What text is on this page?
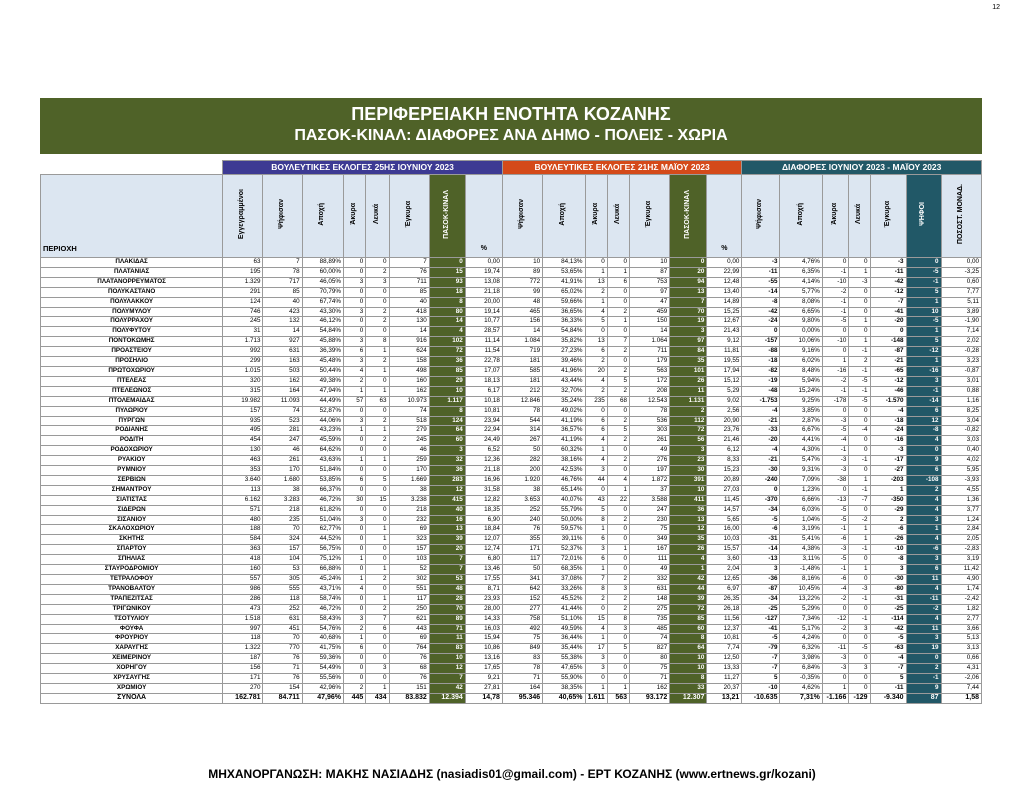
12
ΠΕΡΙΦΕΡΕΙΑΚΗ ΕΝΟΤΗΤΑ ΚΟΖΑΝΗΣ
ΠΑΣΟΚ-ΚΙΝΑΛ: ΔΙΑΦΟΡΕΣ ΑΝΑ ΔΗΜΟ - ΠΟΛΕΙΣ - ΧΩΡΙΑ
	ΒΟΥΛΕΥΤΙΚΕΣ ΕΚΛΟΓΕΣ 25ΗΣ ΙΟΥΝΙΟΥ 2023								ΒΟΥΛΕΥΤΙΚΕΣ ΕΚΛΟΓΕΣ 21ΗΣ ΜΑΪΟΥ 2023							ΔΙΑΦΟΡΕΣ ΙΟΥΝΙΟΥ 2023 - ΜΑΪΟΥ 2023						
ΠΕΡΙΟΧΗ	Εγγεγραμμένοι	Ψήφισαν	Αποχή	Άκυρα	Λευκά	Έγκυρα	ΠΑΣΟΚ-ΚΙΝΑΛ	%	Ψήφισαν	Αποχή	Άκυρα	Λευκά	Έγκυρα	ΠΑΣΟΚ-ΚΙΝΑΛ	%	Ψήφισαν	Αποχή	Άκυρα	Λευκά	Έγκυρα	ΨΗΦΟΙ	ΠΟΣΟΣΤ. ΜΟΝΑΔ.
ΠΛΑΚΙΔΑΣ	63	7	88,89%	0	0	7	0	0,00	10	84,13%	0	0	10	0	0,00	-3	4,76%	0	0	-3	0	0,00
ΠΛΑΤΑΝΙΑΣ	195	78	60,00%	0	2	76	15	19,74	89	53,65%	1	1	87	20	22,99	-11	6,35%	-1	1	-11	-5	-3,25
ΠΛΑΤΑΝΟΡΡΕΥΜΑΤΟΣ	1.329	717	46,05%	3	3	711	93	13,08	772	41,91%	13	6	753	94	12,48	-55	4,14%	-10	-3	-42	-1	0,60
ΠΟΛΥΚΑΣΤΑΝΟ	291	85	70,79%	0	0	85	18	21,18	99	65,02%	2	0	97	13	13,40	-14	5,77%	-2	0	-12	5	7,77
ΠΟΛΥΛΑΚΚΟΥ	124	40	67,74%	0	0	40	8	20,00	48	59,66%	1	0	47	7	14,89	-8	8,08%	-1	0	-7	1	5,11
ΠΟΛΥΜΥΛΟΥ	746	423	43,30%	3	2	418	80	19,14	465	36,65%	4	2	459	70	15,25	-42	6,65%	-1	0	-41	10	3,89
ΠΟΛΥΡΡΑΧΟΥ	245	132	46,12%	0	2	130	14	10,77	156	36,33%	5	1	150	19	12,67	-24	9,80%	-5	1	-20	-5	-1,90
ΠΟΛΥΦΥΤΟΥ	31	14	54,84%	0	0	14	4	28,57	14	54,84%	0	0	14	3	21,43	0	0,00%	0	0	0	1	7,14
ΠΟΝΤΟΚΩΜΗΣ	1.713	927	45,88%	3	8	916	102	11,14	1.084	35,82%	13	7	1.064	97	9,12	-157	10,06%	-10	1	-148	5	2,02
ΠΡΟΑΣΤΕΙΟΥ	992	631	36,39%	6	1	624	72	11,54	719	27,23%	6	2	711	84	11,81	-88	9,16%	0	-1	-87	-12	-0,28
ΠΡΟΣΗΛΙΟ	299	163	45,48%	3	2	158	36	22,78	181	39,46%	2	0	179	35	19,55	-18	6,02%	1	2	-21	1	3,23
ΠΡΩΤΟΧΩΡΙΟΥ	1.015	503	50,44%	4	1	498	85	17,07	585	41,96%	20	2	563	101	17,94	-82	8,48%	-16	-1	-65	-16	-0,87
ΠΤΕΛΕΑΣ	320	162	49,38%	2	0	160	29	18,13	181	43,44%	4	5	172	26	15,12	-19	5,94%	-2	-5	-12	3	3,01
ΠΤΕΛΕΩΝΟΣ	315	164	47,94%	1	1	162	10	6,17	212	32,70%	2	2	208	11	5,29	-48	15,24%	-1	-1	-46	-1	0,88
ΠΤΟΛΕΜΑΪΔΑΣ	19.982	11.093	44,49%	57	63	10.973	1.117	10,18	12.846	35,24%	235	68	12.543	1.131	9,02	-1.753	9,25%	-178	-5	-1.570	-14	1,16
ΠΥΛΩΡΙΟΥ	157	74	52,87%	0	0	74	8	10,81	78	49,02%	0	0	78	2	2,56	-4	3,85%	0	0	-4	6	8,25
ΠΥΡΓΩΝ	935	523	44,06%	3	2	518	124	23,94	544	41,19%	6	2	536	112	20,90	-21	2,87%	-3	0	-18	12	3,04
ΡΟΔΙΑΝΗΣ	495	281	43,23%	1	1	279	64	22,94	314	36,57%	6	5	303	72	23,76	-33	6,67%	-5	-4	-24	-8	-0,82
ΡΟΔΙΤΗ	454	247	45,59%	0	2	245	60	24,49	267	41,19%	4	2	261	56	21,46	-20	4,41%	-4	0	-16	4	3,03
ΡΟΔΟΧΩΡΙΟΥ	130	46	64,62%	0	0	46	3	6,52	50	60,32%	1	0	49	3	6,12	-4	4,30%	-1	0	-3	0	0,40
ΡΥΑΚΙΟΥ	463	261	43,63%	1	1	259	32	12,36	282	38,16%	4	2	276	23	8,33	-21	5,47%	-3	-1	-17	9	4,02
ΡΥΜΝΙΟΥ	353	170	51,84%	0	0	170	36	21,18	200	42,53%	3	0	197	30	15,23	-30	9,31%	-3	0	-27	6	5,95
ΣΕΡΒΙΩΝ	3.640	1.680	53,85%	6	5	1.669	283	16,96	1.920	46,76%	44	4	1.872	391	20,89	-240	7,09%	-38	1	-203	-108	-3,93
ΣΗΜΑΝΤΡΟΥ	113	38	66,37%	0	0	38	12	31,58	38	65,14%	0	1	37	10	27,03	0	1,23%	0	-1	1	2	4,55
ΣΙΑΤΙΣΤΑΣ	6.162	3.283	46,72%	30	15	3.238	415	12,82	3.653	40,07%	43	22	3.588	411	11,45	-370	6,66%	-13	-7	-350	4	1,36
ΣΙΔΕΡΩΝ	571	218	61,82%	0	0	218	40	18,35	252	55,79%	5	0	247	36	14,57	-34	6,03%	-5	0	-29	4	3,77
ΣΙΣΑΝΙΟΥ	480	235	51,04%	3	0	232	16	6,90	240	50,00%	8	2	230	13	5,65	-5	1,04%	-5	-2	2	3	1,24
ΣΚΑΛΟΧΩΡΙΟΥ	188	70	62,77%	0	1	69	13	18,84	76	59,57%	1	0	75	12	16,00	-6	3,19%	-1	1	-6	1	2,84
ΣΚΗΤΗΣ	584	324	44,52%	0	1	323	39	12,07	355	39,11%	6	0	349	35	10,03	-31	5,41%	-6	1	-26	4	2,05
ΣΠΑΡΤΟΥ	363	157	56,75%	0	0	157	20	12,74	171	52,37%	3	1	167	26	15,57	-14	4,38%	-3	-1	-10	-6	-2,83
ΣΠΗΛΙΑΣ	418	104	75,12%	1	0	103	7	6,80	117	72,01%	6	0	111	4	3,60	-13	3,11%	-5	0	-8	3	3,19
ΣΤΑΥΡΟΔΡΟΜΙΟΥ	160	53	66,88%	0	1	52	7	13,46	50	68,35%	1	0	49	1	2,04	3	-1,48%	-1	1	3	6	11,42
ΤΕΤΡΑΛΟΦΟΥ	557	305	45,24%	1	2	302	53	17,55	341	37,08%	7	2	332	42	12,65	-36	8,16%	-6	0	-30	11	4,90
ΤΡΑΝΟΒΑΛΤΟΥ	986	555	43,71%	4	0	551	48	8,71	642	33,26%	8	3	631	44	6,97	-87	10,45%	-4	-3	-80	4	1,74
ΤΡΑΠΕΖΙΤΣΑΣ	286	118	58,74%	0	1	117	28	23,93	152	45,52%	2	2	148	39	26,35	-34	13,22%	-2	-1	-31	-11	-2,42
ΤΡΙΓΩΝΙΚΟΥ	473	252	46,72%	0	2	250	70	28,00	277	41,44%	0	2	275	72	26,18	-25	5,29%	0	0	-25	-2	1,82
ΤΣΟΤΥΛΙΟΥ	1.518	631	58,43%	3	7	621	89	14,33	758	51,10%	15	8	735	85	11,56	-127	7,34%	-12	-1	-114	4	2,77
ΦΟΥΦΑ	997	451	54,76%	2	6	443	71	16,03	492	49,59%	4	3	485	60	12,37	-41	5,17%	-2	3	-42	11	3,66
ΦΡΟΥΡΙΟΥ	118	70	40,68%	1	0	69	11	15,94	75	36,44%	1	0	74	8	10,81	-5	4,24%	0	0	-5	3	5,13
ΧΑΡΑΥΓΗΣ	1.322	770	41,75%	6	0	764	83	10,86	849	35,44%	17	5	827	64	7,74	-79	6,32%	-11	-5	-63	19	3,13
ΧΕΙΜΕΡΙΝΟΥ	187	76	59,36%	0	0	76	10	13,16	83	55,38%	3	0	80	10	12,50	-7	3,98%	-3	0	-4	0	0,66
ΧΟΡΗΓΟΥ	156	71	54,49%	0	3	68	12	17,65	78	47,65%	3	0	75	10	13,33	-7	6,84%	-3	3	-7	2	4,31
ΧΡΥΣΑΥΓΗΣ	171	76	55,56%	0	0	76	7	9,21	71	55,90%	0	0	71	8	11,27	5	-0,35%	0	0	5	-1	-2,06
ΧΡΩΜΙΟΥ	270	154	42,96%	2	1	151	42	27,81	164	38,35%	1	1	162	33	20,37	-10	4,62%	1	0	-11	9	7,44
ΣΥΝΟΛΑ	162.781	84.711	47,96%	445	434	83.832	12.394	14,78	95.346	40,65%	1.611	563	93.172	12.307	13,21	-10.635	7,31%	-1.166	-129	-9.340	87	1,58
ΜΗΧΑΝΟΡΓΑΝΩΣΗ: ΜΑΚΗΣ ΝΑΣΙΑΔΗΣ (nasiadis01@gmail.com) - ΕΡΤ ΚΟΖΑΝΗΣ (www.ertnews.gr/kozani)
